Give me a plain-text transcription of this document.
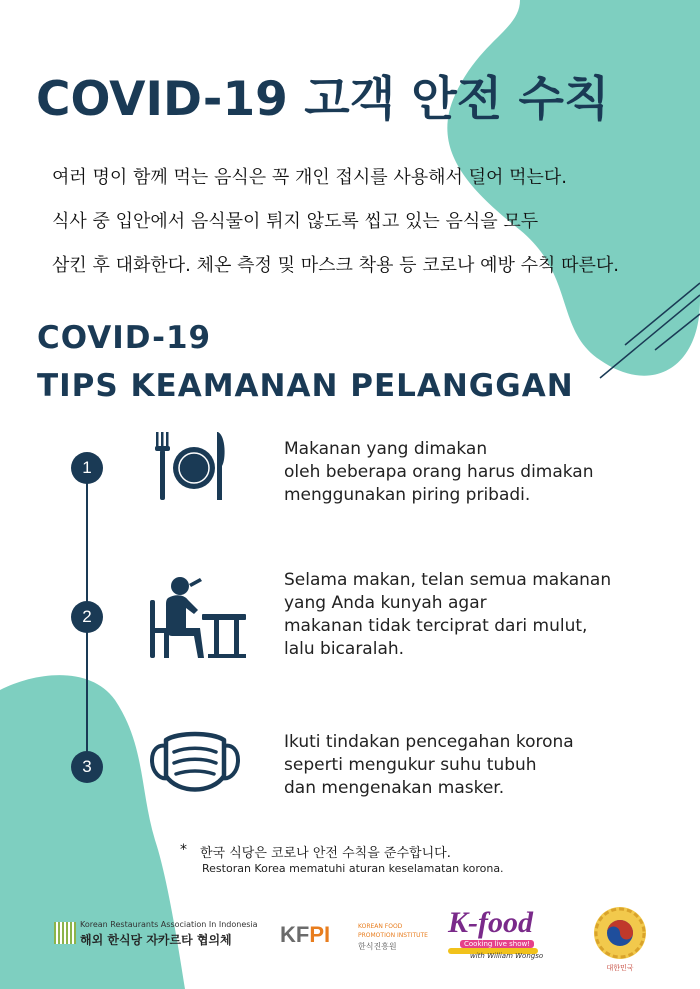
COVID-19 고객 안전 수칙

여러 명이 함께 먹는 음식은 꼭 개인 접시를 사용해서 덜어 먹는다.

식사 중 입안에서 음식물이 튀지 않도록 씹고 있는 음식을 모두

삼킨 후 대화한다. 체온 측정 및 마스크 착용 등 코로나 예방 수칙 따른다.

COVID-19
TIPS KEAMANAN PELANGGAN
1
Makanan yang dimakan
oleh beberapa orang harus dimakan
menggunakan piring pribadi.
2
Selama makan, telan semua makanan
yang Anda kunyah agar
makanan tidak terciprat dari mulut,
lalu bicaralah.
3
Ikuti tindakan pencegahan korona
seperti mengukur suhu tubuh
dan mengenakan masker.
* 한국 식당은 코로나 안전 수칙을 준수합니다.
Restoran Korea mematuhi aturan keselamatan korona.
Korean Restaurants Association In Indonesia
해외 한식당 자카르타 협의체 KFPI	KOREAN FOOD
PROMOTION INSTITUTE
한식진흥원
K-food
Cooking live show!
with William Wongso
대한민국
